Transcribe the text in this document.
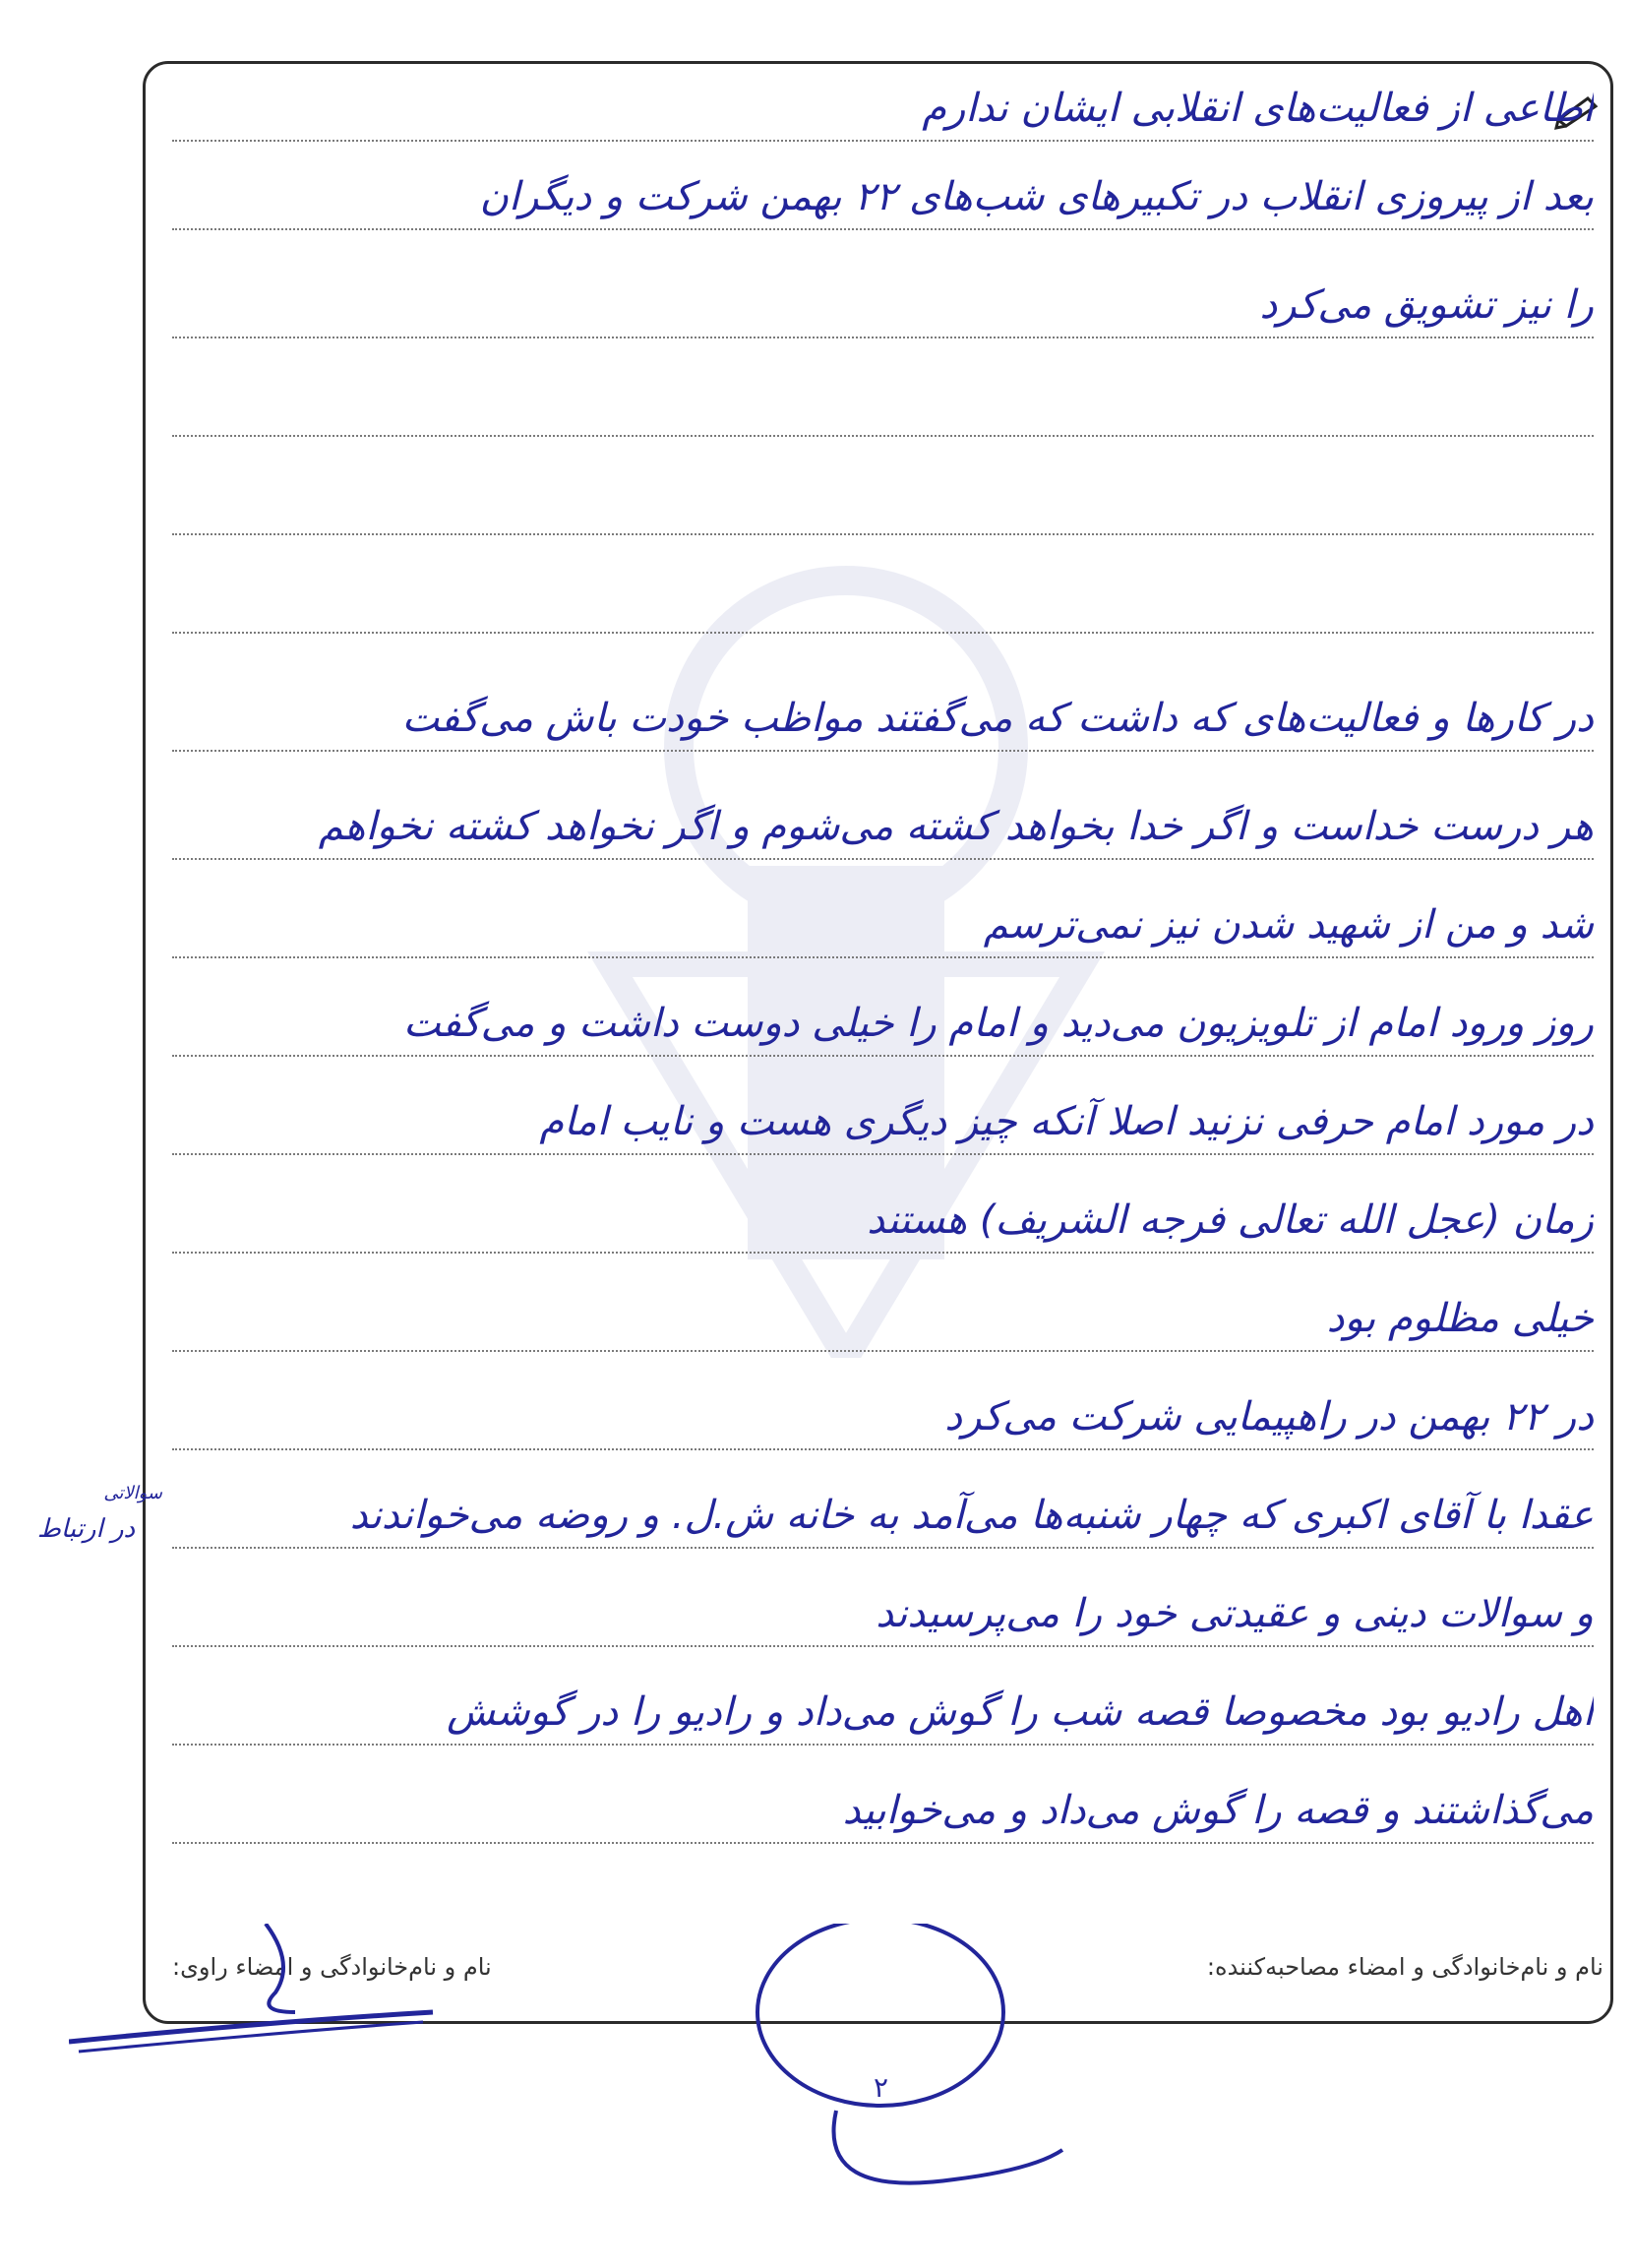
اطاعی از فعالیت‌های انقلابی ایشان ندارم
بعد از پیروزی انقلاب در تکبیرهای شب‌های ۲۲ بهمن شرکت و دیگران
را نیز تشویق می‌کرد
در کارها و فعالیت‌های که داشت که می‌گفتند مواظب خودت باش می‌گفت
هر درست خداست و اگر خدا بخواهد کشته می‌شوم و اگر نخواهد کشته نخواهم
شد و من از شهید شدن نیز نمی‌ترسم
روز ورود امام از تلویزیون می‌دید و امام را خیلی دوست داشت و می‌گفت
در مورد امام حرفی نزنید اصلا آنکه چیز دیگری هست و نایب امام
زمان (عجل الله تعالی فرجه الشریف) هستند
خیلی مظلوم بود
در ۲۲ بهمن در راهپیمایی شرکت می‌کرد
عقدا با آقای اکبری که چهار شنبه‌ها می‌آمد به خانه ش.ل. و روضه می‌خواندند
و سوالات دینی و عقیدتی خود را می‌پرسیدند
اهل رادیو بود مخصوصا قصه شب را گوش می‌داد و رادیو را در گوشش
می‌گذاشتند و قصه را گوش می‌داد و می‌خوابید
سوالاتی
در ارتباط
نام و نام‌خانوادگی و امضاء مصاحبه‌کننده:
نام و نام‌خانوادگی و امضاء راوی:
۲
